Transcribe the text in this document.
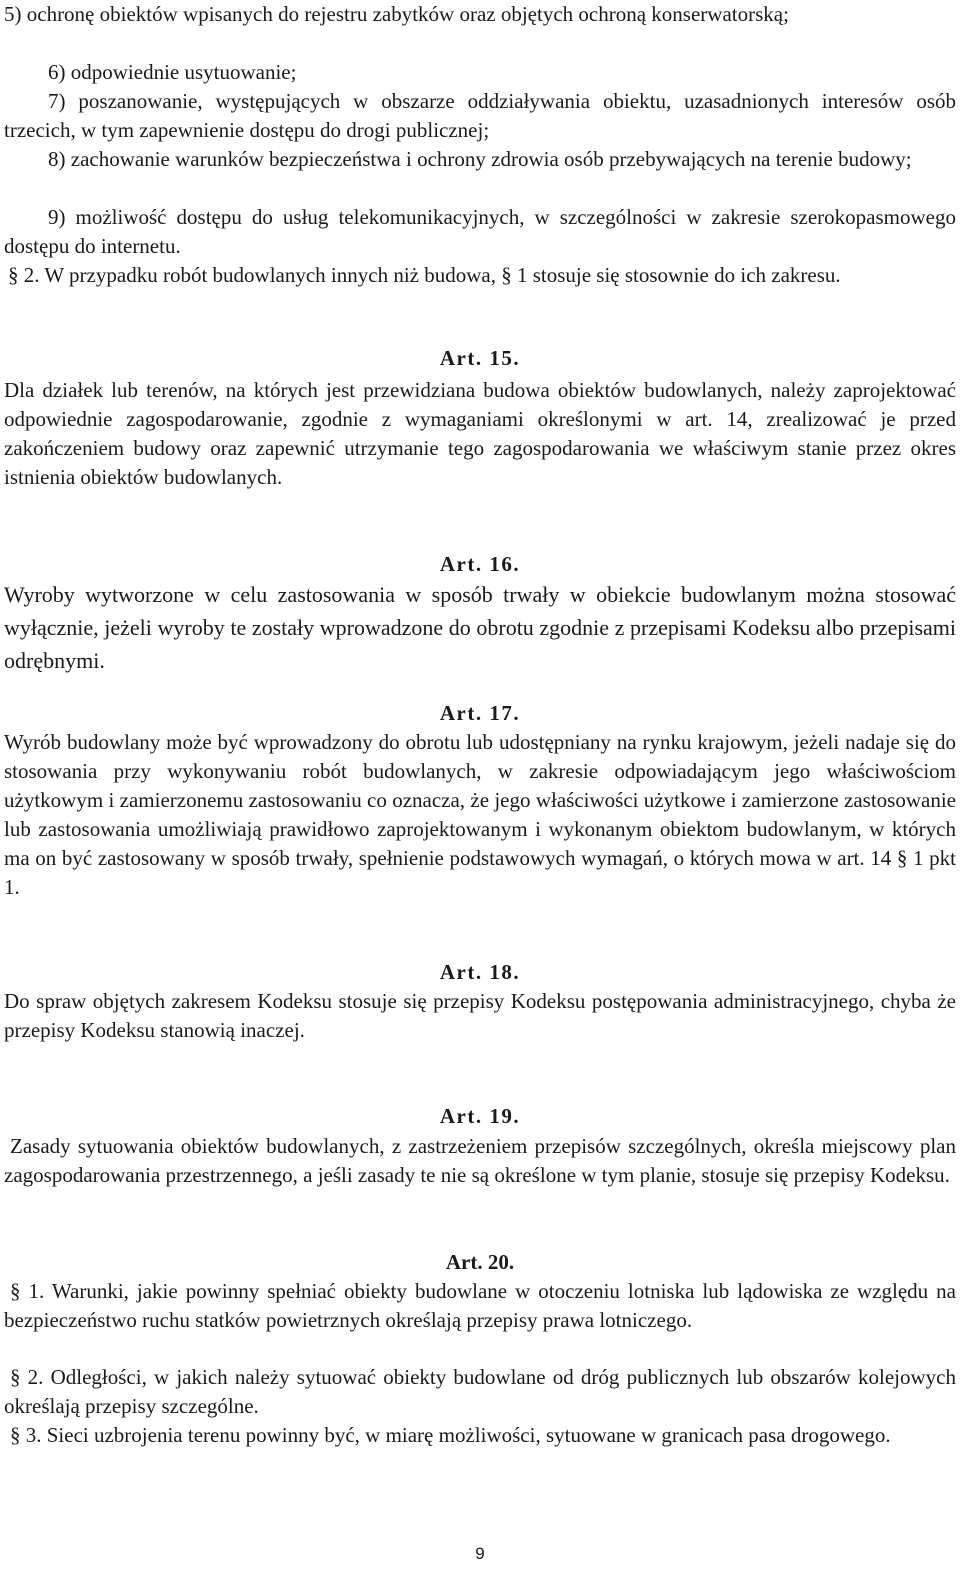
5) ochronę obiektów wpisanych do rejestru zabytków oraz objętych ochroną konserwatorską;

6) odpowiednie usytuowanie;

7) poszanowanie, występujących w obszarze oddziaływania obiektu, uzasadnionych interesów osób trzecich, w tym zapewnienie dostępu do drogi publicznej;

8) zachowanie warunków bezpieczeństwa i ochrony zdrowia osób przebywających na terenie budowy;

9) możliwość dostępu do usług telekomunikacyjnych, w szczególności w zakresie szerokopasmowego dostępu do internetu.

§ 2. W przypadku robót budowlanych innych niż budowa, § 1 stosuje się stosownie do ich zakresu.

Art. 15.

Dla działek lub terenów, na których jest przewidziana budowa obiektów budowlanych, należy zaprojektować odpowiednie zagospodarowanie, zgodnie z wymaganiami określonymi w art. 14, zrealizować je przed zakończeniem budowy oraz zapewnić utrzymanie tego zagospodarowania we właściwym stanie przez okres istnienia obiektów budowlanych.

Art. 16.

Wyroby wytworzone w celu zastosowania w sposób trwały w obiekcie budowlanym można stosować wyłącznie, jeżeli wyroby te zostały wprowadzone do obrotu zgodnie z przepisami Kodeksu albo przepisami odrębnymi.

Art. 17.

Wyrób budowlany może być wprowadzony do obrotu lub udostępniany na rynku krajowym, jeżeli nadaje się do stosowania przy wykonywaniu robót budowlanych, w zakresie odpowiadającym jego właściwościom użytkowym i zamierzonemu zastosowaniu co oznacza, że jego właściwości użytkowe i zamierzone zastosowanie lub zastosowania umożliwiają prawidłowo zaprojektowanym i wykonanym obiektom budowlanym, w których ma on być zastosowany w sposób trwały, spełnienie podstawowych wymagań, o których mowa w art. 14 § 1 pkt 1.

Art. 18.

Do spraw objętych zakresem Kodeksu stosuje się przepisy Kodeksu postępowania administracyjnego, chyba że przepisy Kodeksu stanowią inaczej.

Art. 19.

Zasady sytuowania obiektów budowlanych, z zastrzeżeniem przepisów szczególnych, określa miejscowy plan zagospodarowania przestrzennego, a jeśli zasady te nie są określone w tym planie, stosuje się przepisy Kodeksu.

Art. 20.

§ 1. Warunki, jakie powinny spełniać obiekty budowlane w otoczeniu lotniska lub lądowiska ze względu na bezpieczeństwo ruchu statków powietrznych określają przepisy prawa lotniczego.

§ 2. Odległości, w jakich należy sytuować obiekty budowlane od dróg publicznych lub obszarów kolejowych określają przepisy szczególne.

§ 3. Sieci uzbrojenia terenu powinny być, w miarę możliwości, sytuowane w granicach pasa drogowego.

9
